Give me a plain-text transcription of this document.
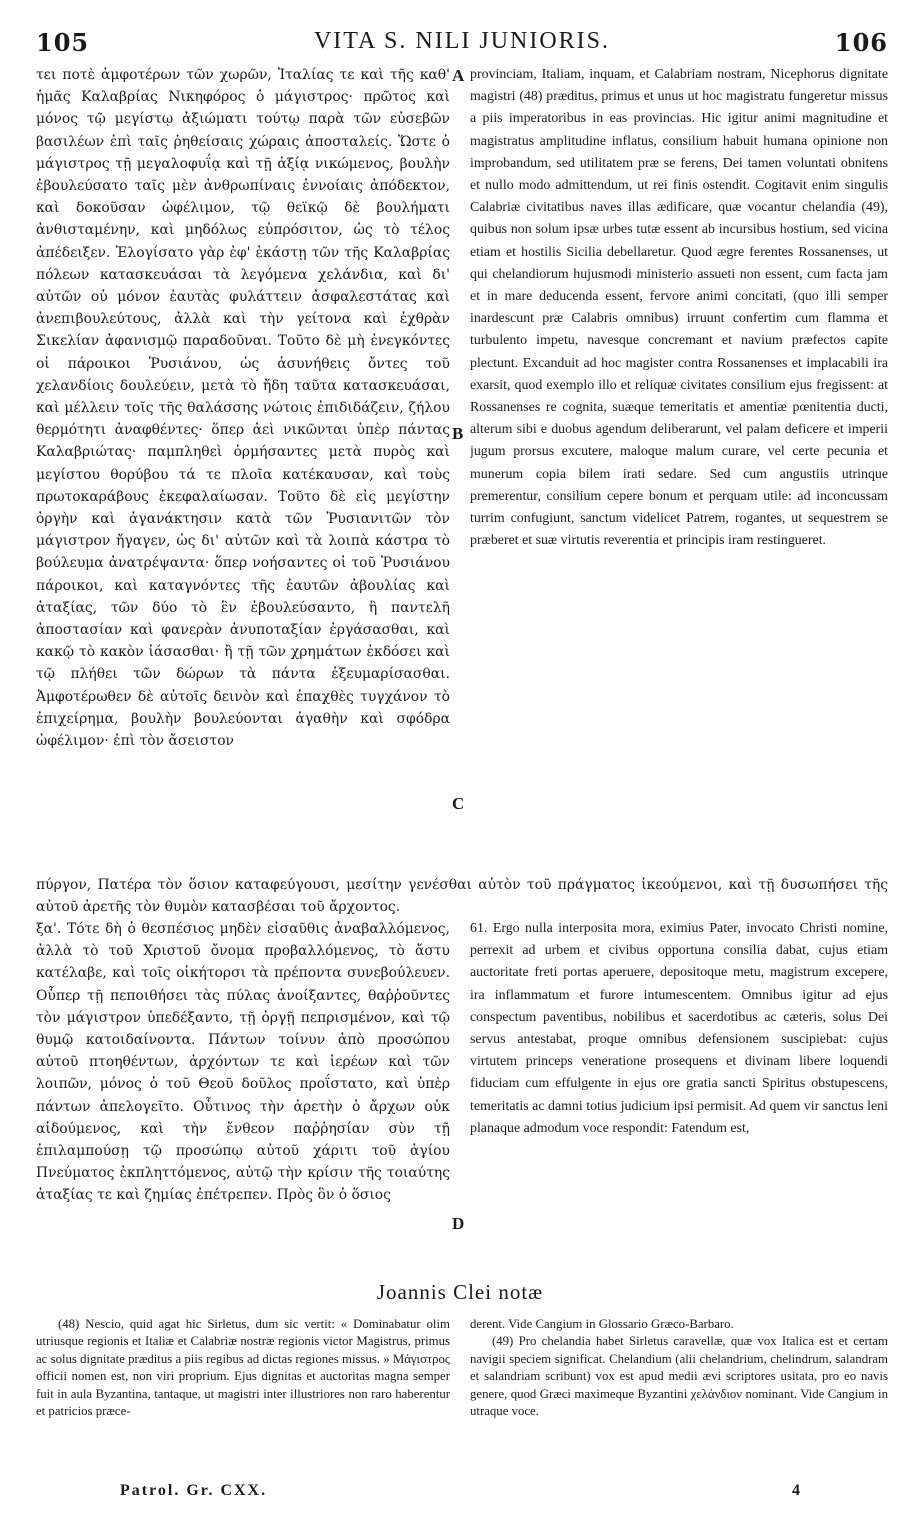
105	VITA S. NILI JUNIORIS.	106

τει ποτὲ ἀμφοτέρων τῶν χωρῶν, Ἰταλίας τε καὶ τῆς καθ' ἡμᾶς Καλαβρίας Νικηφόρος ὁ μάγιστρος· πρῶτος καὶ μόνος τῷ μεγίστῳ ἀξιώματι τούτῳ παρὰ τῶν εὐσεβῶν βασιλέων ἐπὶ ταῖς ῥηθείσαις χώραις ἀποσταλείς. Ὥστε ὁ μάγιστρος τῇ μεγαλοφυΐᾳ καὶ τῇ ἀξίᾳ νικώμενος, βουλὴν ἐβουλεύσατο ταῖς μὲν ἀνθρωπίναις ἐννοίαις ἀπόδεκτον, καὶ δοκοῦσαν ὠφέλιμον, τῷ θεϊκῷ δὲ βουλήματι ἀνθισταμένην, καὶ μηδόλως εὐπρόσιτον, ὡς τὸ τέλος ἀπέδειξεν. Ἐλογίσατο γὰρ ἐφ' ἑκάστῃ τῶν τῆς Καλαβρίας πόλεων κατασκευάσαι τὰ λεγόμενα χελάνδια, καὶ δι' αὐτῶν οὐ μόνον ἑαυτὰς φυλάττειν ἀσφαλεστάτας καὶ ἀνεπιβουλεύτους, ἀλλὰ καὶ τὴν γείτονα καὶ ἐχθρὰν Σικελίαν ἀφανισμῷ παραδοῦναι. Τοῦτο δὲ μὴ ἐνεγκόντες οἱ πάροικοι Ῥυσιάνου, ὡς ἀσυνήθεις ὄντες τοῦ χελανδίοις δουλεύειν, μετὰ τὸ ἤδη ταῦτα κατασκευάσαι, καὶ μέλλειν τοῖς τῆς θαλάσσης νώτοις ἐπιδιδάζειν, ζήλου θερμότητι ἀναφθέντες· ὅπερ ἀεὶ νικῶνται ὑπὲρ πάντας Καλαβριώτας· παμπληθεὶ ὁρμήσαντες μετὰ πυρὸς καὶ μεγίστου θορύβου τά τε πλοῖα κατέκαυσαν, καὶ τοὺς πρωτοκαράβους ἐκεφαλαίωσαν. Τοῦτο δὲ εἰς μεγίστην ὀργὴν καὶ ἀγανάκτησιν κατὰ τῶν Ῥυσιανιτῶν τὸν μάγιστρον ἤγαγεν, ὡς δι' αὐτῶν καὶ τὰ λοιπὰ κάστρα τὸ βούλευμα ἀνατρέψαντα· ὅπερ νοήσαντες οἱ τοῦ Ῥυσιάνου πάροικοι, καὶ καταγνόντες τῆς ἑαυτῶν ἀβουλίας καὶ ἀταξίας, τῶν δύο τὸ ἓν ἐβουλεύσαντο, ἢ παντελῆ ἀποστασίαν καὶ φανερὰν ἀνυποταξίαν ἐργάσασθαι, καὶ κακῷ τὸ κακὸν ἰάσασθαι· ἢ τῇ τῶν χρημάτων ἐκδόσει καὶ τῷ πλήθει τῶν δώρων τὰ πάντα ἐξευμαρίσασθαι. Ἀμφοτέρωθεν δὲ αὐτοῖς δεινὸν καὶ ἐπαχθὲς τυγχάνον τὸ ἐπιχείρημα, βουλὴν βουλεύονται ἀγαθὴν καὶ σφόδρα ὠφέλιμον· ἐπὶ τὸν ἄσειστον

provinciam, Italiam, inquam, et Calabriam nostram, Nicephorus dignitate magistri (48) præditus, primus et unus ut hoc magistratu fungeretur missus a piis imperatoribus in eas provincias. Hic igitur animi magnitudine et magistratus amplitudine inflatus, consilium habuit humana opinione non improbandum, sed utilitatem præ se ferens, Dei tamen voluntati obnitens et nullo modo admittendum, ut rei finis ostendit. Cogitavit enim singulis Calabriæ civitatibus naves illas ædificare, quæ vocantur chelandia (49), quibus non solum ipsæ urbes tutæ essent ab incursibus hostium, sed vicina etiam et hostilis Sicilia debellaretur. Quod ægre ferentes Rossanenses, ut qui chelandiorum hujusmodi ministerio assueti non essent, cum facta jam et in mare deducenda essent, fervore animi concitati, (quo illi semper inardescunt præ Calabris omnibus) irruunt confertim cum flamma et turbulento impetu, navesque concremant et navium præfectos capite plectunt. Excanduit ad hoc magister contra Rossanenses et implacabili ira exarsit, quod exemplo illo et reliquæ civitates consilium ejus fregissent: at Rossanenses re cognita, suæque temeritatis et amentiæ pœnitentia ducti, alterum sibi e duobus agendum deliberarunt, vel palam deficere et imperii jugum prorsus excutere, maloque malum curare, vel certe pecunia et munerum copia bilem irati sedare. Sed cum angustiis utrinque premerentur, consilium cepere bonum et perquam utile: ad inconcussam turrim confugiunt, sanctum videlicet Patrem, rogantes, ut sequestrem se præberet et suæ virtutis reverentia et principis iram restingueret.

A
B
C
D

πύργον, Πατέρα τὸν ὅσιον καταφεύγουσι, μεσίτην γενέσθαι αὐτὸν τοῦ πράγματος ἱκεούμενοι, καὶ τῇ δυσωπήσει τῆς αὐτοῦ ἀρετῆς τὸν θυμὸν κατασβέσαι τοῦ ἄρχοντος.

ξα'. Τότε δὴ ὁ θεσπέσιος μηδὲν εἰσαῦθις ἀναβαλλόμενος, ἀλλὰ τὸ τοῦ Χριστοῦ ὄνομα προβαλλόμενος, τὸ ἄστυ κατέλαβε, καὶ τοῖς οἰκήτορσι τὰ πρέποντα συνεβούλευεν. Οὗπερ τῇ πεποιθήσει τὰς πύλας ἀνοίξαντες, θαῤῥοῦντες τὸν μάγιστρον ὑπεδέξαντο, τῇ ὀργῇ πεπρισμένον, καὶ τῷ θυμῷ κατοιδαίνοντα. Πάντων τοίνυν ἀπὸ προσώπου αὐτοῦ πτοηθέντων, ἀρχόντων τε καὶ ἱερέων καὶ τῶν λοιπῶν, μόνος ὁ τοῦ Θεοῦ δοῦλος προΐστατο, καὶ ὑπὲρ πάντων ἀπελογεῖτο. Οὗτινος τὴν ἀρετὴν ὁ ἄρχων οὐκ αἰδούμενος, καὶ τὴν ἔνθεον παῤῥησίαν σὺν τῇ ἐπιλαμπούσῃ τῷ προσώπῳ αὐτοῦ χάριτι τοῦ ἁγίου Πνεύματος ἐκπληττόμενος, αὐτῷ τὴν κρίσιν τῆς τοιαύτης ἀταξίας τε καὶ ζημίας ἐπέτρεπεν. Πρὸς ὃν ὁ ὅσιος

61. Ergo nulla interposita mora, eximius Pater, invocato Christi nomine, perrexit ad urbem et civibus opportuna consilia dabat, cujus etiam auctoritate freti portas aperuere, depositoque metu, magistrum excepere, ira inflammatum et furore intumescentem. Omnibus igitur ad ejus conspectum paventibus, nobilibus et sacerdotibus ac cæteris, solus Dei servus antestabat, proque omnibus defensionem suscipiebat: cujus virtutem princeps veneratione prosequens et divinam libere loquendi fiduciam cum effulgente in ejus ore gratia sancti Spiritus obstupescens, temeritatis ac damni totius judicium ipsi permisit. Ad quem vir sanctus leni planaque admodum voce respondit: Fatendum est,

Joannis Clei notæ

(48) Nescio, quid agat hic Sirletus, dum sic vertit: « Dominabatur olim utriusque regionis et Italiæ et Calabriæ nostræ regionis victor Magistrus, primus ac solus dignitate præditus a piis regibus ad dictas regiones missus. » Μάγιστρος officii nomen est, non viri proprium. Ejus dignitas et auctoritas magna semper fuit in aula Byzantina, tantaque, ut magistri inter illustriores non raro haberentur et patricios præce-

derent. Vide Cangium in Glossario Græco-Barbaro.

(49) Pro chelandia habet Sirletus caravellæ, quæ vox Italica est et certam navigii speciem significat. Chelandium (alii chelandrium, chelindrum, salandram et salandriam scribunt) vox est apud medii ævi scriptores usitata, pro eo navis genere, quod Græci maximeque Byzantini χελάνδιον nominant. Vide Cangium in utraque voce.

Patrol. Gr. CXX.	4
